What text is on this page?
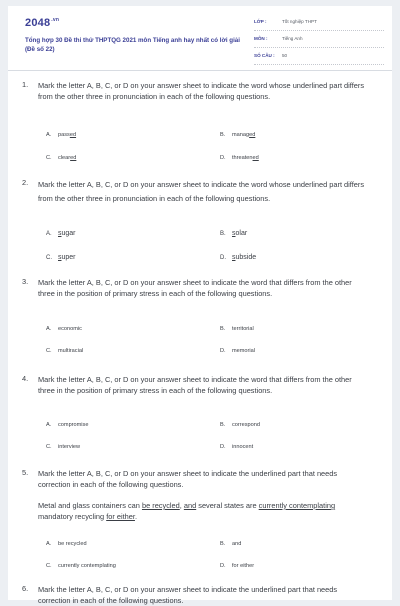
$2048^{.vn}$
Tổng hợp 30 Đề thi thử THPTQG 2021 môn Tiếng anh hay nhất có lời giải (Đề số 22)
LỚP :	Tốt nghiệp THPT
MÔN :	Tiếng Anh
SỐ CÂU : 50
1. Mark the letter A, B, C, or D on your answer sheet to indicate the word whose underlined part differs from the other three in pronunciation in each of the following questions.
A. passed	B. managed
C. cleared	D. threatened
2. Mark the letter A, B, C, or D on your answer sheet to indicate the word whose underlined part differs from the other three in pronunciation in each of the following questions.
A. sugar	B. solar
C. super	D. subside
3. Mark the letter A, B, C, or D on your answer sheet to indicate the word that differs from the other three in the position of primary stress in each of the following questions.
A. economic	B. territorial
C. multiracial	D. memorial
4. Mark the letter A, B, C, or D on your answer sheet to indicate the word that differs from the other three in the position of primary stress in each of the following questions.
A. compromise	B. correspond
C. interview	D. innocent
5. Mark the letter A, B, C, or D on your answer sheet to indicate the underlined part that needs correction in each of the following questions.
Metal and glass containers can be recycled, and several states are currently contemplating mandatory recycling for either.
A. be recycled	B. and
C. currently contemplating	D. for either
6. Mark the letter A, B, C, or D on your answer sheet to indicate the underlined part that needs correction in each of the following questions.
